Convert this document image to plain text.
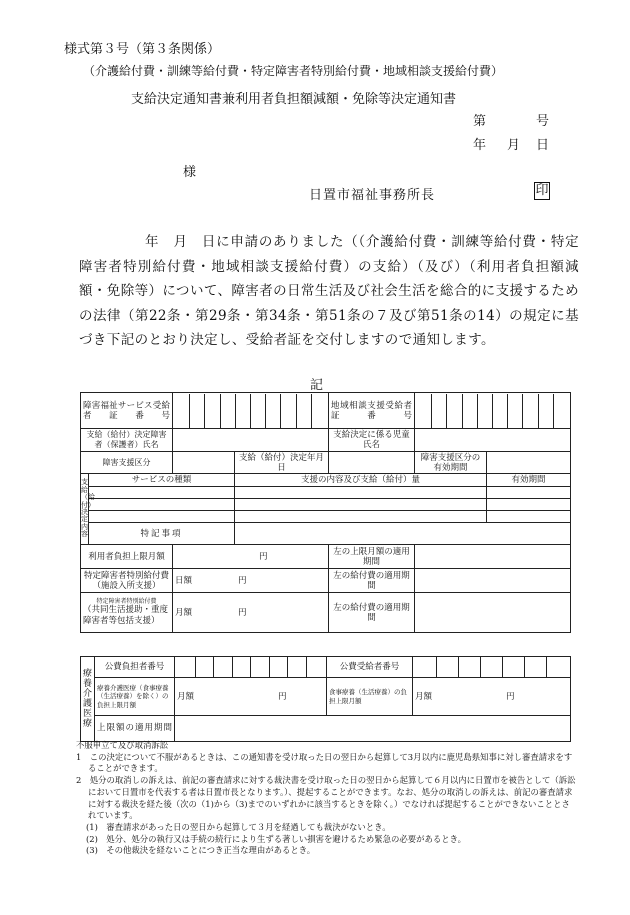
様式第３号（第３条関係）
（介護給付費・訓練等給付費・特定障害者特別給付費・地域相談支援給付費）
支給決定通知書兼利用者負担額減額・免除等決定通知書
第	号
年 月 日
様
日置市福祉事務所長	印
年　月　日に申請のありました（（介護給付費・訓練等給付費・特定障害者特別給付費・地域相談支援給付費）の支給）（及び）（利用者負担額減額・免除等）について、障害者の日常生活及び社会生活を総合的に支援するための法律（第22条・第29条・第34条・第51条の７及び第51条の14）の規定に基づき下記のとおり決定し、受給者証を交付しますので通知します。
記
障害福祉サービス受給者証番号				地域相談支援受給者証番号		

支給（給付）決定障害者（保護者）氏名				支給決定に係る児童氏名		
障害支援区分			支給（給付）決定年月日		障害支援区分の有効期間	
支給（給付）決定内容	サービスの種類		支援の内容及び支給（給付）量			有効期間

	特記事項					
利用者負担上限月額		円		左の上限月額の適用期間		
特定障害者特別給付費（施設入所支援）		日額 円		左の給付費の適用期間		

特定障害者特別給付費
（共同生活援助・重度障害者等包括支援）		月額 円		左の給付費の適用期間		
療養介護医療	公費負担者番号		公費受給者番号	

	療養介護医療（食事療養（生活療養）を除く）の負担上限月額	月額 円	食事療養（生活療養）の負担上限月額	月額 円
	上限額の適用期間			

不服申立て及び取消訴訟

1　この決定について不服があるときは、この通知書を受け取った日の翌日から起算して3月以内に鹿児島県知事に対し審査請求をすることができます。

2　処分の取消しの訴えは、前記の審査請求に対する裁決書を受け取った日の翌日から起算して６月以内に日置市を被告として（訴訟において日置市を代表する者は日置市長となります。）、提起することができます。なお、処分の取消しの訴えは、前記の審査請求に対する裁決を経た後（次の（1)から（3)までのいずれかに該当するときを除く。）でなければ提起することができないこととされています。

(1)　審査請求があった日の翌日から起算して３月を経過しても裁決がないとき。

(2)　処分、処分の執行又は手続の続行により生ずる著しい損害を避けるため緊急の必要があるとき。

(3)　その他裁決を経ないことにつき正当な理由があるとき。
